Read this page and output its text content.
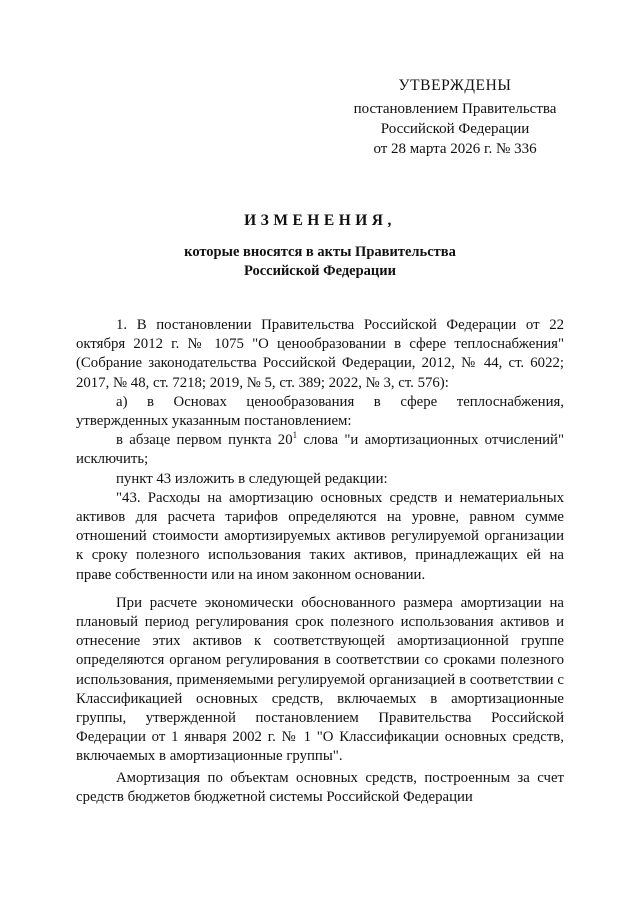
УТВЕРЖДЕНЫ
постановлением Правительства
Российской Федерации
от 28 марта 2026 г. № 336
ИЗМЕНЕНИЯ,
которые вносятся в акты Правительства
Российской Федерации

1. В постановлении Правительства Российской Федерации от 22 октября 2012 г. № 1075 "О ценообразовании в сфере теплоснабжения" (Собрание законодательства Российской Федерации, 2012, № 44, ст. 6022; 2017, № 48, ст. 7218; 2019, № 5, ст. 389; 2022, № 3, ст. 576):

а) в Основах ценообразования в сфере теплоснабжения, утвержденных указанным постановлением:

в абзаце первом пункта $20^1$ слова "и амортизационных отчислений" исключить;

пункт 43 изложить в следующей редакции:

"43. Расходы на амортизацию основных средств и нематериальных активов для расчета тарифов определяются на уровне, равном сумме отношений стоимости амортизируемых активов регулируемой организации к сроку полезного использования таких активов, принадлежащих ей на праве собственности или на ином законном основании.

При расчете экономически обоснованного размера амортизации на плановый период регулирования срок полезного использования активов и отнесение этих активов к соответствующей амортизационной группе определяются органом регулирования в соответствии со сроками полезного использования, применяемыми регулируемой организацией в соответствии с Классификацией основных средств, включаемых в амортизационные группы, утвержденной постановлением Правительства Российской Федерации от 1 января 2002 г. № 1 "О Классификации основных средств, включаемых в амортизационные группы".

Амортизация по объектам основных средств, построенным за счет средств бюджетов бюджетной системы Российской Федерации
